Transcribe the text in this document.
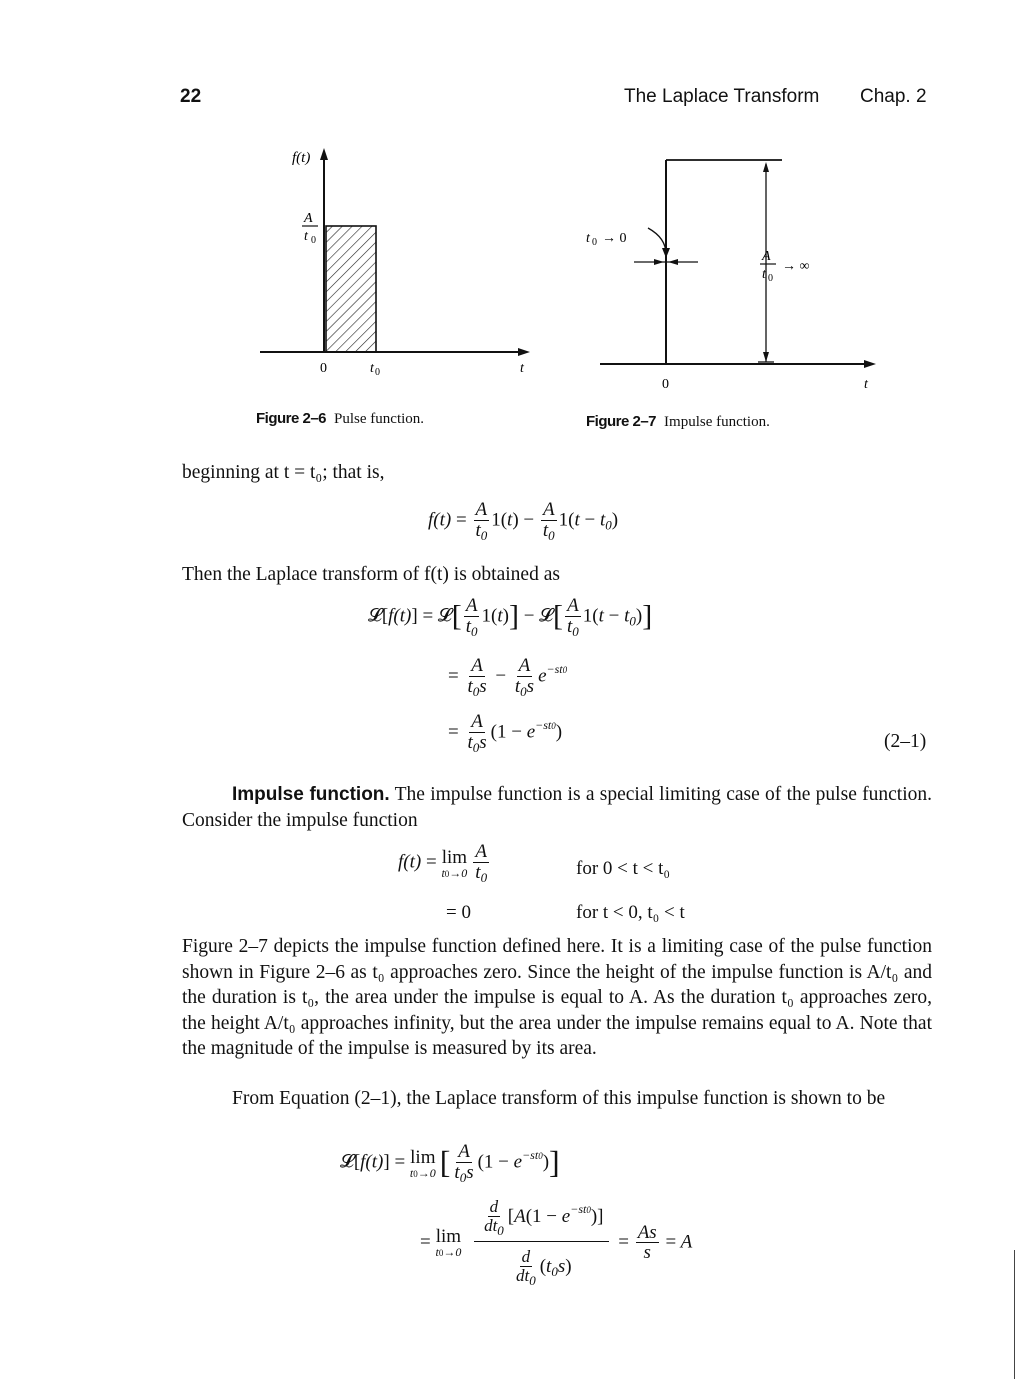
22	The Laplace Transform Chap. 2
f(t)
A
t 0
0	t 0	t
Figure 2–6 Pulse function.
t 0 → 0
A
t 0
→ ∞
0	t
Figure 2–7 Impulse function.
beginning at t = t₀; that is,
$f(t) = \frac{A}{t_0} 1(t) - \frac{A}{t_0} 1(t - t_0)$
Then the Laplace transform of f(t) is obtained as
𝓛[f(t)] = 𝓛[ $\frac{A}{t_0} 1(t)$] − 𝓛[ $\frac{A}{t_0} 1(t - t_0)$]
= $\frac{A}{t_0s} - \frac{A}{t_0s} e^{-st0}$
= $\frac{A}{t_0s} (1 - e^{-st0})$	(2–1)
Impulse function. The impulse function is a special limiting case of the pulse function. Consider the impulse function
f(t) = lim
$t0\to 0 \frac{A}{t_0}$	for 0 < t < t₀
= 0	for t < 0, t₀ < t
Figure 2–7 depicts the impulse function defined here. It is a limiting case of the pulse function shown in Figure 2–6 as t₀ approaches zero. Since the height of the impulse function is A/t₀ and the duration is t₀, the area under the impulse is equal to A. As the duration t₀ approaches zero, the height A/t₀ approaches infinity, but the area under the impulse remains equal to A. Note that the magnitude of the impulse is measured by its area.
From Equation (2–1), the Laplace transform of this impulse function is shown to be
𝓛[f(t)] = lim
t0→0 [ $\frac{A}{t_0s} (1 - e^{-st0})$]
= lim
t0→0
$\frac{\frac{d}{dt_0} [A(1 - e^{-st0})]}{\frac{d}{dt_0} (t_0s)} = \frac{As}{s} = A$
